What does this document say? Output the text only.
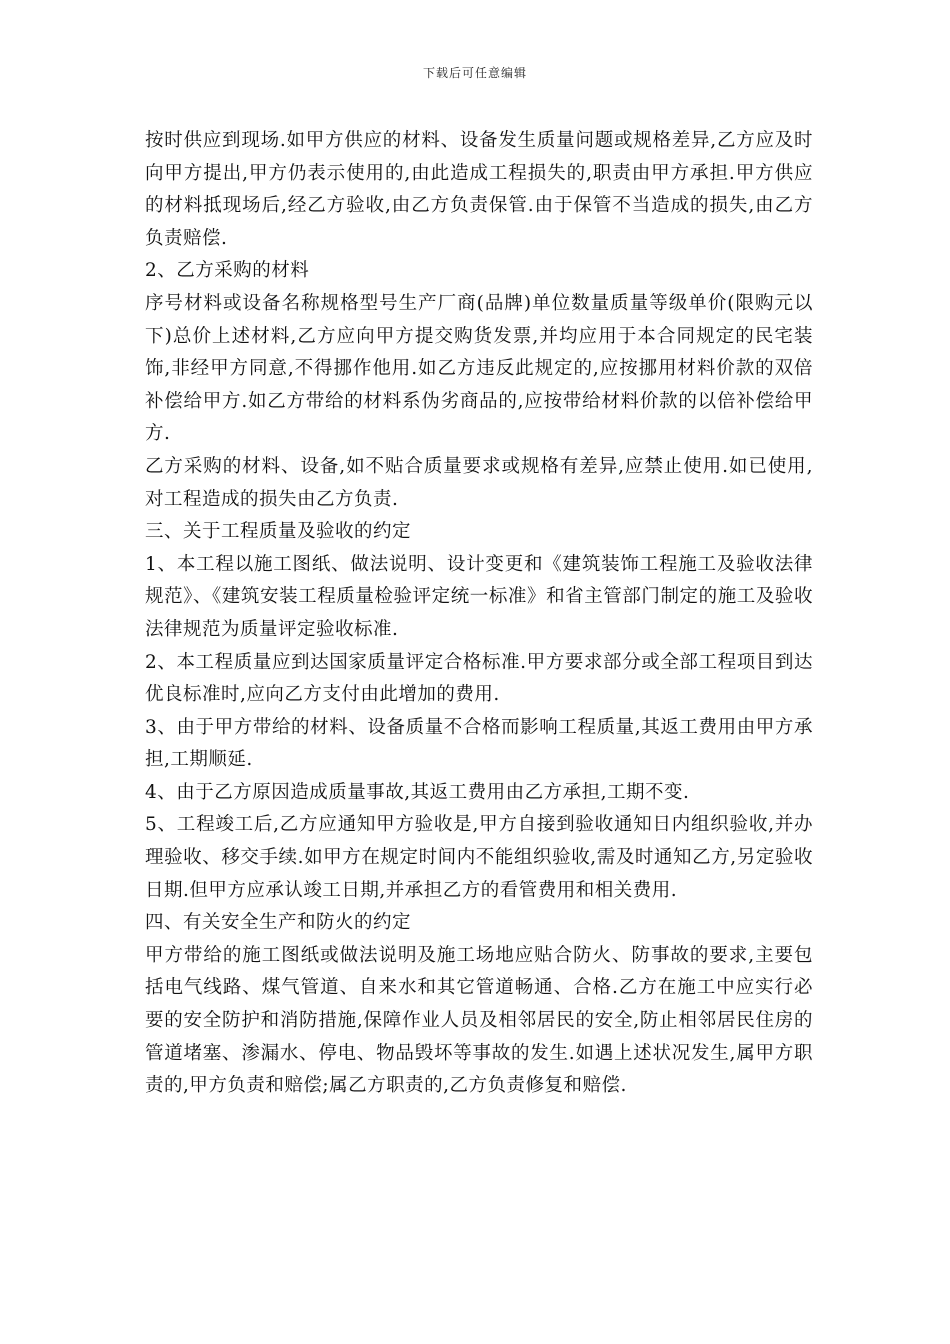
下载后可任意编辑

按时供应到现场.如甲方供应的材料、设备发生质量问题或规格差异,乙方应及时向甲方提出,甲方仍表示使用的,由此造成工程损失的,职责由甲方承担.甲方供应的材料抵现场后,经乙方验收,由乙方负责保管.由于保管不当造成的损失,由乙方负责赔偿.

2、乙方采购的材料

序号材料或设备名称规格型号生产厂商(品牌)单位数量质量等级单价(限购元以下)总价上述材料,乙方应向甲方提交购货发票,并均应用于本合同规定的民宅装饰,非经甲方同意,不得挪作他用.如乙方违反此规定的,应按挪用材料价款的双倍补偿给甲方.如乙方带给的材料系伪劣商品的,应按带给材料价款的以倍补偿给甲方.

乙方采购的材料、设备,如不贴合质量要求或规格有差异,应禁止使用.如已使用,对工程造成的损失由乙方负责.

三、关于工程质量及验收的约定

1、本工程以施工图纸、做法说明、设计变更和《建筑装饰工程施工及验收法律规范》、《建筑安装工程质量检验评定统一标准》和省主管部门制定的施工及验收法律规范为质量评定验收标准.

2、本工程质量应到达国家质量评定合格标准.甲方要求部分或全部工程项目到达优良标准时,应向乙方支付由此增加的费用.

3、由于甲方带给的材料、设备质量不合格而影响工程质量,其返工费用由甲方承担,工期顺延.

4、由于乙方原因造成质量事故,其返工费用由乙方承担,工期不变.

5、工程竣工后,乙方应通知甲方验收是,甲方自接到验收通知日内组织验收,并办理验收、移交手续.如甲方在规定时间内不能组织验收,需及时通知乙方,另定验收日期.但甲方应承认竣工日期,并承担乙方的看管费用和相关费用.

四、有关安全生产和防火的约定

甲方带给的施工图纸或做法说明及施工场地应贴合防火、防事故的要求,主要包括电气线路、煤气管道、自来水和其它管道畅通、合格.乙方在施工中应实行必要的安全防护和消防措施,保障作业人员及相邻居民的安全,防止相邻居民住房的管道堵塞、渗漏水、停电、物品毁坏等事故的发生.如遇上述状况发生,属甲方职责的,甲方负责和赔偿;属乙方职责的,乙方负责修复和赔偿.
